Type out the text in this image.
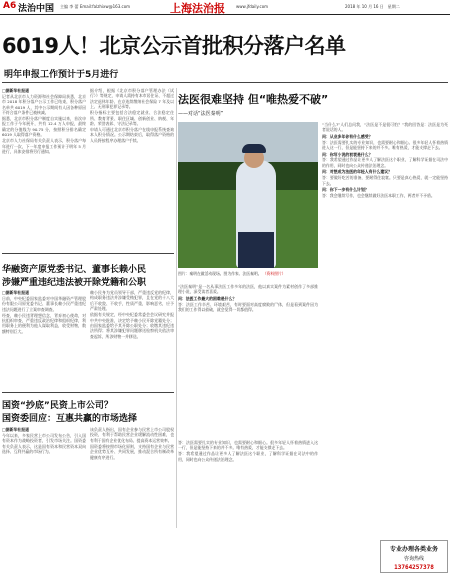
A6 法治中国 主编 李 蕾 Email:falzhixw@163.com	上海法治报	www.jfdaily.com	2018 年 10 月 16 日　星期二
6019人！北京公示首批积分落户名单
明年申报工作预计于5月进行

□据新华社报道

记者从北京市人力资源和社会保障局获悉，北京市 2018 年积分落户公示工作已结束，积分落户名单共 6019 人，其中公示期间有人因各种原因不符合落户条件已被核减。

据悉，北京市积分落户制度自实施以来，首次申报工作于今年展开，共有 12.4 万人申报，最终确定的分值线为 90.75 分，按照积分排名确定 6019 人取得落户资格。

北京市人力社保局有关负责人表示，积分落户每年进行一次，下一年度申报工作预计于明年 5 月进行，具体安排将另行通知。

据介绍，根据《北京市积分落户管理办法（试行）》等规定，申请人需持有本市居住证、不超过法定退休年龄、在京连续缴纳社会保险 7 年及以上、无刑事犯罪记录等。

积分指标主要包括合法稳定就业、合法稳定住所、教育背景、职住区域、创新创业、纳税、年龄、荣誉表彰、守法记录等。

申请人可通过北京市积分落户在线申报系统查询本人积分情况。公示期结束后，取得落户资格的人员将按程序办理落户手续。

法医很难坚持 但“唯热爱不破”
——对话“法医秦明”
图片：秦明在做活动现场。图为作家、法医秦明。 （资料照片）

“法医秦明”是一名从事法医工作多年的法医，他以真实案件为素材创作了多部推理小说，深受读者喜爱。

问：法医工作最大的困难是什么？

答：法医工作辛苦、环境艰苦，有时要面对高度腐败的尸体，但是看到案件因为我们的工作得以侦破，就会觉得一切都值得。

“当什么?”人们总问我，“法医是不是很可怕？”我的回答是：法医是为死者说话的人。

问：从业多年你有什么感受？

答：法医需要扎实的专业知识，也需要耐心和细心。很多年轻人怀着热情进入这一行，但是能坚持下来的并不多。唯有热爱，才能支撑走下去。

问：你写小说的初衷是什么？

答：我希望通过作品让更多人了解法医这个职业，了解科学证据在司法中的作用，同时也向公众传递法治理念。

问：对想成为法医的年轻人有什么建议？

答：要做好吃苦的准备，要耐得住寂寞。只要是真心热爱，就一定能坚持下去。

问：你下一步有什么计划？

答：我会继续写作，也会继续做好法医本职工作，两者并不矛盾。

华融资产原党委书记、董事长赖小民
涉嫌严重违纪违法被开除党籍和公职

□据新华社报道

日前，中央纪委国家监委对中国华融资产管理股份有限公司原党委书记、董事长赖小民严重违纪违法问题进行了立案审查调查。

经查，赖小民违背理想信念，背弃初心使命，对抗组织审查，严重违反政治纪律和组织纪律，利用职务上的便利为他人谋取利益，收受财物，数额特别巨大。

赖小民身为党员领导干部，严重违反党的纪律，构成职务违法并涉嫌受贿犯罪，且在党的十八大后不收敛、不收手，性质严重，影响恶劣，应予严肃处理。

依据有关规定，经中央纪委常委会会议研究并报中共中央批准，决定给予赖小民开除党籍处分；由国家监委给予其开除公职处分；收缴其违纪违法所得；将其涉嫌犯罪问题移送检察机关依法审查起诉，所涉财物一并移送。

国资“抄底”民资上市公司？
国资委回应：互惠共赢的市场选择

□据新华社报道

今年以来，多家民营上市公司发布公告，引入国有资本作为战略投资者，引发市场关注。国资委有关负责人表示，这是国有资本和民营资本双向选择、互利共赢的市场行为。

该负责人指出，国有企业参与民营上市公司股权投资，有利于帮助民营企业缓解流动性困难，也有利于国有企业优化布局、提高资本运营效率。

国资委将按照市场化原则，支持国有企业与民营企业优势互补、共同发展，推动混合所有制改革健康有序进行。

答：法医需要扎实的专业知识，也需要耐心和细心。很多年轻人怀着热情进入这一行，但是能坚持下来的并不多。唯有热爱，才能支撑走下去。

答：我希望通过作品让更多人了解法医这个职业，了解科学证据在司法中的作用，同时也向公众传递法治理念。

专业办理各类业务
咨询热线
13764257378
